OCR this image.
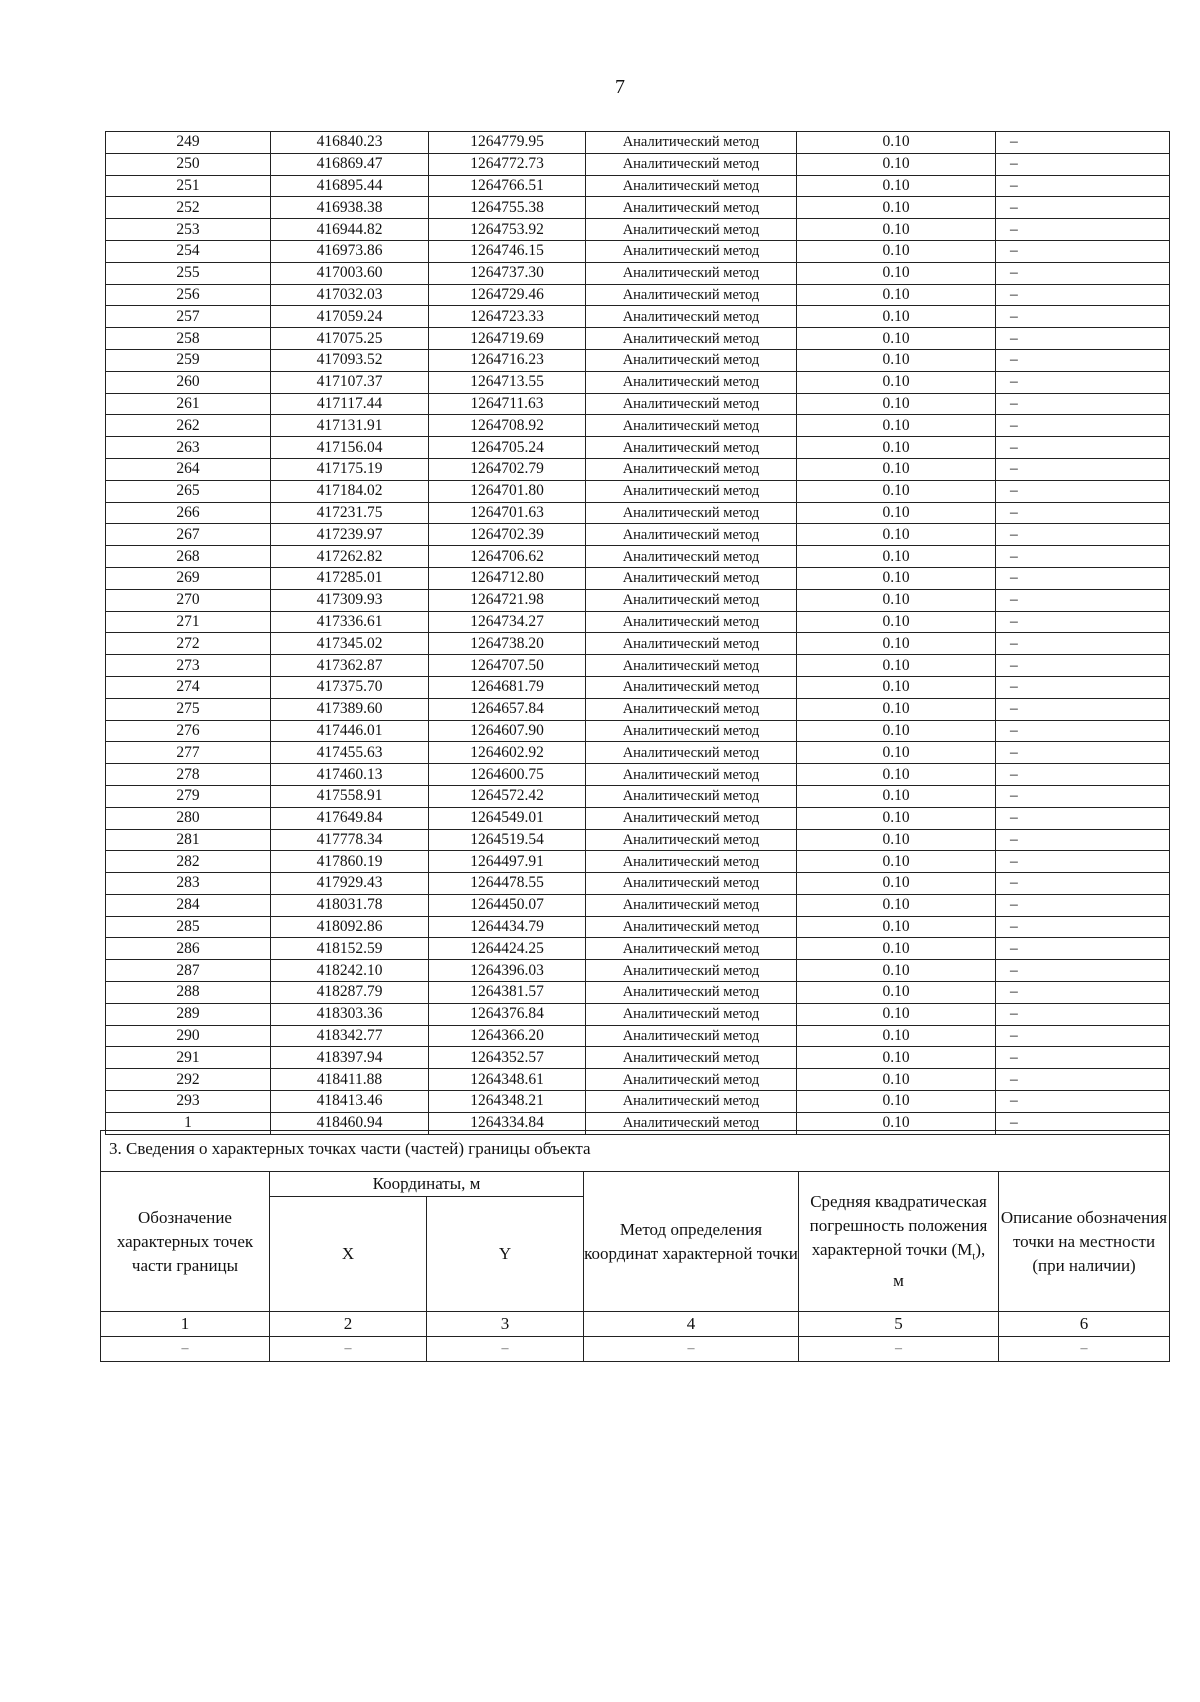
7
249	416840.23	1264779.95	Аналитический метод	0.10	–
250	416869.47	1264772.73	Аналитический метод	0.10	–
251	416895.44	1264766.51	Аналитический метод	0.10	–
252	416938.38	1264755.38	Аналитический метод	0.10	–
253	416944.82	1264753.92	Аналитический метод	0.10	–
254	416973.86	1264746.15	Аналитический метод	0.10	–
255	417003.60	1264737.30	Аналитический метод	0.10	–
256	417032.03	1264729.46	Аналитический метод	0.10	–
257	417059.24	1264723.33	Аналитический метод	0.10	–
258	417075.25	1264719.69	Аналитический метод	0.10	–
259	417093.52	1264716.23	Аналитический метод	0.10	–
260	417107.37	1264713.55	Аналитический метод	0.10	–
261	417117.44	1264711.63	Аналитический метод	0.10	–
262	417131.91	1264708.92	Аналитический метод	0.10	–
263	417156.04	1264705.24	Аналитический метод	0.10	–
264	417175.19	1264702.79	Аналитический метод	0.10	–
265	417184.02	1264701.80	Аналитический метод	0.10	–
266	417231.75	1264701.63	Аналитический метод	0.10	–
267	417239.97	1264702.39	Аналитический метод	0.10	–
268	417262.82	1264706.62	Аналитический метод	0.10	–
269	417285.01	1264712.80	Аналитический метод	0.10	–
270	417309.93	1264721.98	Аналитический метод	0.10	–
271	417336.61	1264734.27	Аналитический метод	0.10	–
272	417345.02	1264738.20	Аналитический метод	0.10	–
273	417362.87	1264707.50	Аналитический метод	0.10	–
274	417375.70	1264681.79	Аналитический метод	0.10	–
275	417389.60	1264657.84	Аналитический метод	0.10	–
276	417446.01	1264607.90	Аналитический метод	0.10	–
277	417455.63	1264602.92	Аналитический метод	0.10	–
278	417460.13	1264600.75	Аналитический метод	0.10	–
279	417558.91	1264572.42	Аналитический метод	0.10	–
280	417649.84	1264549.01	Аналитический метод	0.10	–
281	417778.34	1264519.54	Аналитический метод	0.10	–
282	417860.19	1264497.91	Аналитический метод	0.10	–
283	417929.43	1264478.55	Аналитический метод	0.10	–
284	418031.78	1264450.07	Аналитический метод	0.10	–
285	418092.86	1264434.79	Аналитический метод	0.10	–
286	418152.59	1264424.25	Аналитический метод	0.10	–
287	418242.10	1264396.03	Аналитический метод	0.10	–
288	418287.79	1264381.57	Аналитический метод	0.10	–
289	418303.36	1264376.84	Аналитический метод	0.10	–
290	418342.77	1264366.20	Аналитический метод	0.10	–
291	418397.94	1264352.57	Аналитический метод	0.10	–
292	418411.88	1264348.61	Аналитический метод	0.10	–
293	418413.46	1264348.21	Аналитический метод	0.10	–
1	418460.94	1264334.84	Аналитический метод	0.10	–
3. Сведения о характерных точках части (частей) границы объекта					
Обозначение характерных точек части границы	Координаты, м		Метод определения координат характерной точки	Средняя квадратическая погрешность положения характерной точки $(M_t)$, м	Описание обозначения точки на местности (при наличии)
	X	Y			
1	2	3	4	5	6
–	–	–	–	–	–
